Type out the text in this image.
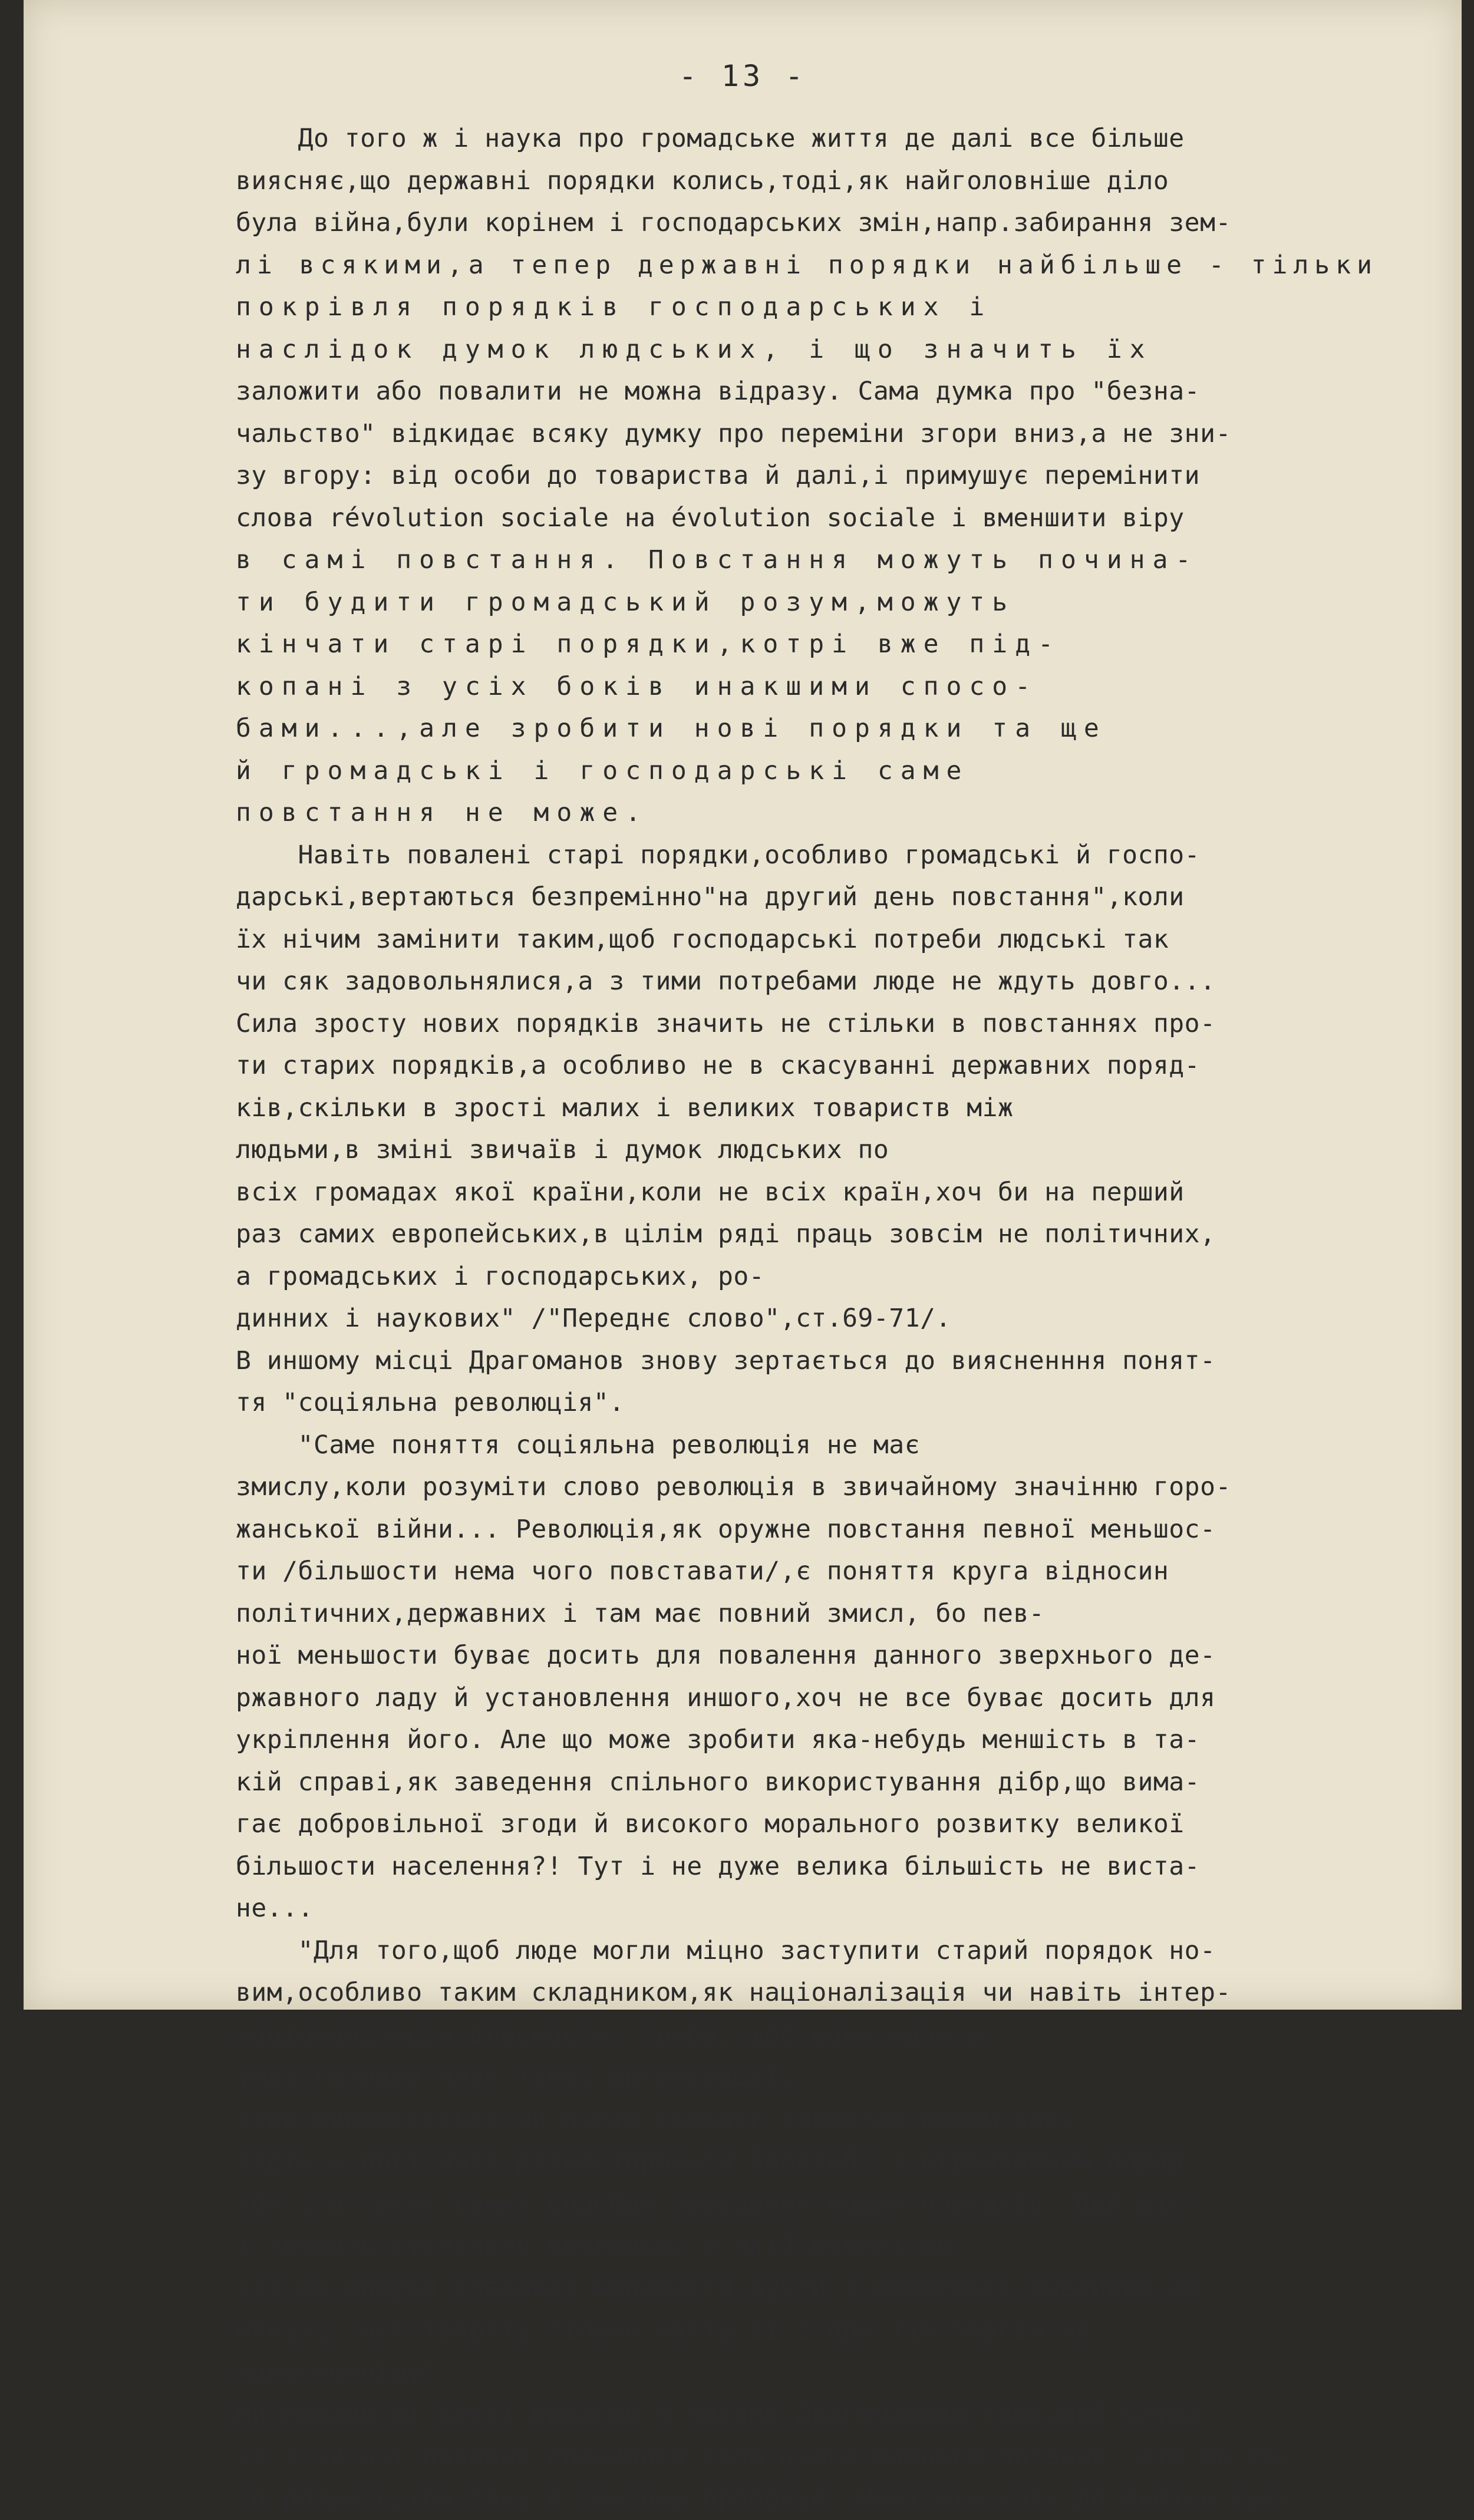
- 13 -
До того ж і наука про громадське життя де далі все більше
виясняє,що державні порядки колись,тоді,як найголовніше діло
була війна,були корінем і господарських змін,напр.забирання зем-
лі всякими,а тепер державні порядки найбільше - тільки
покрівля порядків господарських і
наслідок думок людських, і що значить їх
заложити або повалити не можна відразу. Сама думка про "безна-
чальство" відкидає всяку думку про переміни згори вниз,а не зни-
зу вгору: від особи до товариства й далі,і примушує перемінити
слова révolution sociale на évolution sociale і вменшити віру
в самі повстання. Повстання можуть почина-
ти будити громадський розум,можуть
кінчати старі порядки,котрі вже під-
копані з усіх боків инакшими спосо-
бами...,але зробити нові порядки та ще
й громадські і господарські саме
повстання не може.
Навіть повалені старі порядки,особливо громадські й госпо-
дарські,вертаються безпремінно"на другий день повстання",коли
їх нічим замінити таким,щоб господарські потреби людські так
чи сяк задовольнялися,а з тими потребами люде не ждуть довго...
Сила зросту нових порядків значить не стільки в повстаннях про-
ти старих порядків,а особливо не в скасуванні державних поряд-
ків,скільки в зрості малих і великих товариств між
людьми,в зміні звичаїв і думок людських по
всіх громадах якої країни,коли не всіх країн,хоч би на перший
раз самих европейських,в цілім ряді праць зовсім не політичних,
а громадських і господарських, ро-
динних і наукових" /"Переднє слово",ст.69-71/.
В иншому місці Драгоманов знову зертається до виясненння понят-
тя "соціяльна революція".
"Саме поняття соціяльна революція не має
змислу,коли розуміти слово революція в звичайному значінню горо-
жанської війни... Революція,як оружне повстання певної меньшос-
ти /більшости нема чого повставати/,є поняття круга відносин
політичних,державних і там має повний змисл, бо пев-
ної меньшости буває досить для повалення данного зверхнього де-
ржавного ладу й установлення иншого,хоч не все буває досить для
укріплення його. Але що може зробити яка-небудь меншість в та-
кій справі,як заведення спільного використування дібр,що вима-
гає добровільної згоди й високого морального розвитку великої
більшости населення?! Тут і не дуже велика більшість не виста-
не...
"Для того,щоб люде могли міцно заступити старий порядок но-
вим,особливо таким складником,як націоналізація чи навіть інтер-
націоналізація власности, треба, щоб вони мали в
умах готовий плян такої орґанізації,
який виробляється чи ліпше сказати виростає рядом дос-
відів у постійній,різносторонній боротьбі з відживаючим поряд-
ком і в таких самих спробах заведення нових порядків. Цей ріст
і творить суспільну еволюцію, в якій воєнні ак-
ції,як вибухи класової ненависти,бунти і революції,очевидно,не
минучі, але творять тільки часть її і при тім зовсім не
найосновнішу".
Ми подали ці довгі виписки з писань Драгоманова тому,щоб слуха-
чі і читачі поважно спинилися коло цього важного питання. Хто як йо-
го розуміє,той таку й тактику пропонує. Намітити шлях до якоїсь сус-
